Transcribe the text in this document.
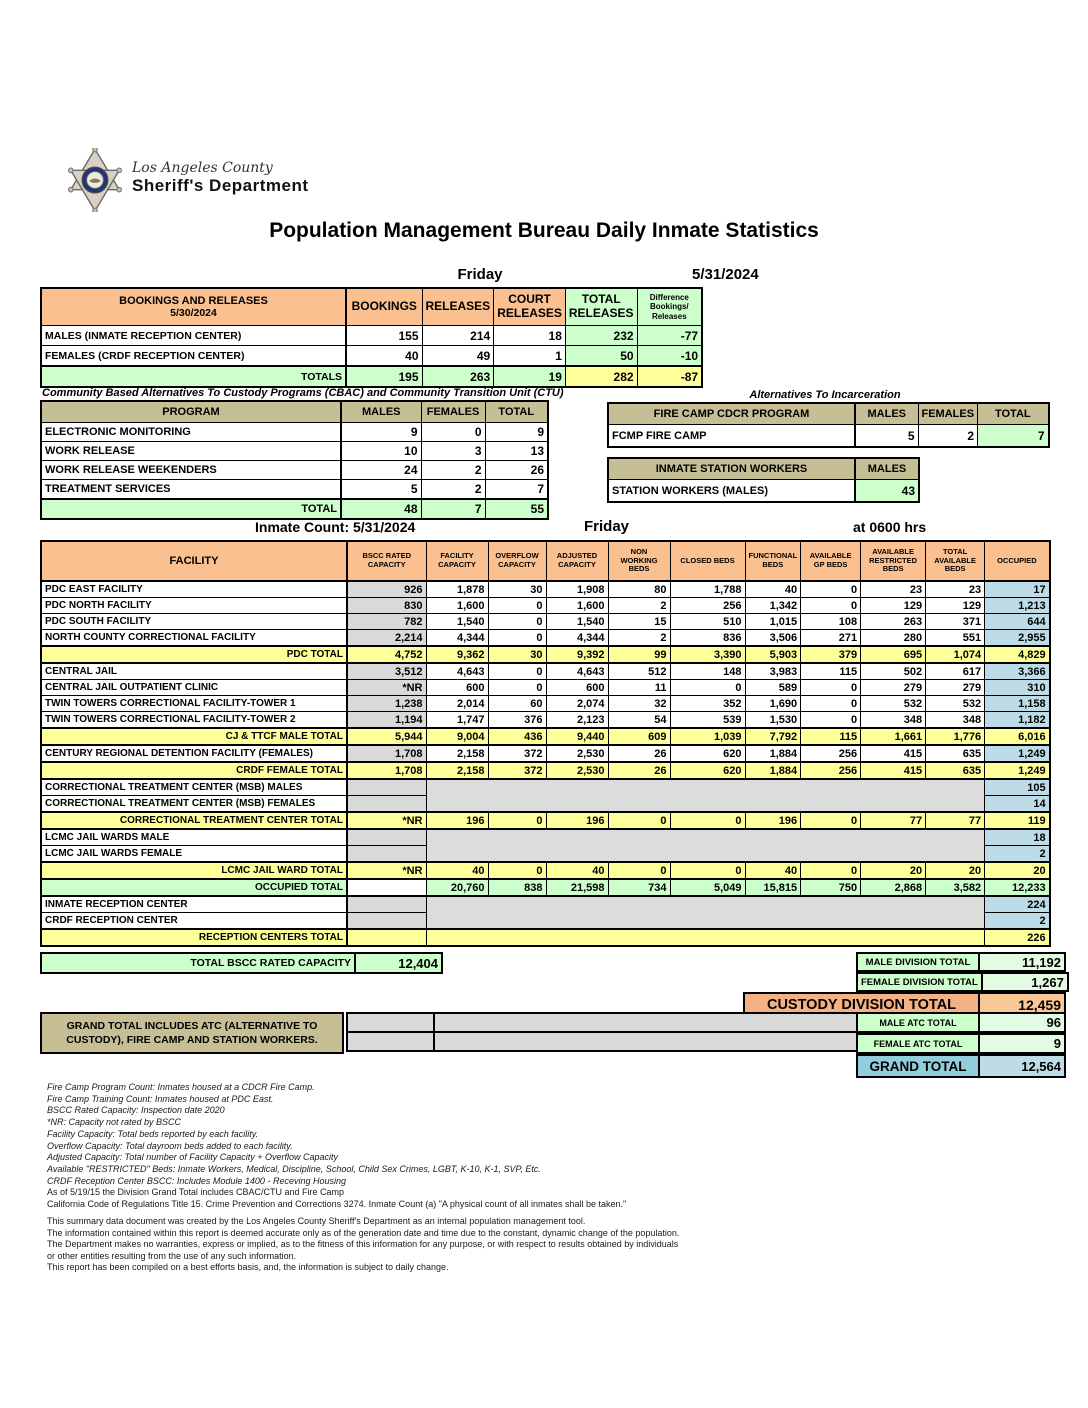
Los Angeles County
Sheriff's Department
Population Management Bureau Daily Inmate Statistics
Friday	5/31/2024
BOOKINGS AND RELEASES
5/30/2024	BOOKINGS	RELEASES	COURT RELEASES	TOTAL RELEASES	Difference Bookings/ Releases
MALES (INMATE RECEPTION CENTER)	155	214	18	232	-77
FEMALES (CRDF RECEPTION CENTER)	40	49	1	50	-10
TOTALS	195	263	19	282	-87
Community Based Alternatives To Custody Programs (CBAC) and Community Transition Unit (CTU)
PROGRAM	MALES	FEMALES	TOTAL
ELECTRONIC MONITORING	9	0	9
WORK RELEASE	10	3	13
WORK RELEASE WEEKENDERS	24	2	26
TREATMENT SERVICES	5	2	7
TOTAL	48	7	55
Alternatives To Incarceration
FIRE CAMP CDCR PROGRAM	MALES	FEMALES	TOTAL
FCMP FIRE CAMP	5	2	7
INMATE STATION WORKERS	MALES
STATION WORKERS (MALES)	43
Inmate Count: 5/31/2024	Friday	at 0600 hrs
FACILITY	BSCC RATED CAPACITY	FACILITY CAPACITY	OVERFLOW CAPACITY	ADJUSTED CAPACITY	NON WORKING BEDS	CLOSED BEDS	FUNCTIONAL BEDS	AVAILABLE GP BEDS	AVAILABLE RESTRICTED BEDS	TOTAL AVAILABLE BEDS	OCCUPIED
PDC EAST FACILITY	926	1,878	30	1,908	80	1,788	40	0	23	23	17
PDC NORTH FACILITY	830	1,600	0	1,600	2	256	1,342	0	129	129	1,213
PDC SOUTH FACILITY	782	1,540	0	1,540	15	510	1,015	108	263	371	644
NORTH COUNTY CORRECTIONAL FACILITY	2,214	4,344	0	4,344	2	836	3,506	271	280	551	2,955
PDC TOTAL	4,752	9,362	30	9,392	99	3,390	5,903	379	695	1,074	4,829
CENTRAL JAIL	3,512	4,643	0	4,643	512	148	3,983	115	502	617	3,366
CENTRAL JAIL OUTPATIENT CLINIC	*NR	600	0	600	11	0	589	0	279	279	310
TWIN TOWERS CORRECTIONAL FACILITY-TOWER 1	1,238	2,014	60	2,074	32	352	1,690	0	532	532	1,158
TWIN TOWERS CORRECTIONAL FACILITY-TOWER 2	1,194	1,747	376	2,123	54	539	1,530	0	348	348	1,182
CJ & TTCF MALE TOTAL	5,944	9,004	436	9,440	609	1,039	7,792	115	1,661	1,776	6,016
CENTURY REGIONAL DETENTION FACILITY (FEMALES)	1,708	2,158	372	2,530	26	620	1,884	256	415	635	1,249
CRDF FEMALE TOTAL	1,708	2,158	372	2,530	26	620	1,884	256	415	635	1,249
CORRECTIONAL TREATMENT CENTER (MSB) MALES											105
CORRECTIONAL TREATMENT CENTER (MSB) FEMALES											14
CORRECTIONAL TREATMENT CENTER TOTAL	*NR	196	0	196	0	0	196	0	77	77	119
LCMC JAIL WARDS MALE											18
LCMC JAIL WARDS FEMALE											2
LCMC JAIL WARD TOTAL	*NR	40	0	40	0	0	40	0	20	20	20
OCCUPIED TOTAL		20,760	838	21,598	734	5,049	15,815	750	2,868	3,582	12,233
INMATE RECEPTION CENTER											224
CRDF RECEPTION CENTER											2
RECEPTION CENTERS TOTAL											226
TOTAL BSCC RATED CAPACITY	12,404	MALE DIVISION TOTAL	11,192
FEMALE DIVISION TOTAL	1,267
CUSTODY DIVISION TOTAL	12,459
GRAND TOTAL INCLUDES ATC (ALTERNATIVE TO
CUSTODY), FIRE CAMP AND STATION WORKERS.

MALE ATC TOTAL	96
FEMALE ATC TOTAL	9
GRAND TOTAL	12,564
Fire Camp Program Count: Inmates housed at a CDCR Fire Camp.
Fire Camp Training Count: Inmates housed at PDC East.
BSCC Rated Capacity: Inspection date 2020
*NR: Capacity not rated by BSCC
Facility Capacity: Total beds reported by each facility.
Overflow Capacity: Total dayroom beds added to each facility.
Adjusted Capacity: Total number of Facility Capacity + Overflow Capacity
Available "RESTRICTED" Beds: Inmate Workers, Medical, Discipline, School, Child Sex Crimes, LGBT, K-10, K-1, SVP, Etc.
CRDF Reception Center BSCC: Includes Module 1400 - Receving Housing
As of 5/19/15 the Division Grand Total includes CBAC/CTU and Fire Camp
California Code of Regulations Title 15. Crime Prevention and Corrections 3274. Inmate Count (a) "A physical count of all inmates shall be taken."
This summary data document was created by the Los Angeles County Sheriff's Department as an internal population management tool.
The information contained within this report is deemed accurate only as of the generation date and time due to the constant, dynamic change of the population.
The Department makes no warranties, express or implied, as to the fitness of this information for any purpose, or with respect to results obtained by individuals
or other entities resulting from the use of any such information.
This report has been compiled on a best efforts basis, and, the information is subject to daily change.
